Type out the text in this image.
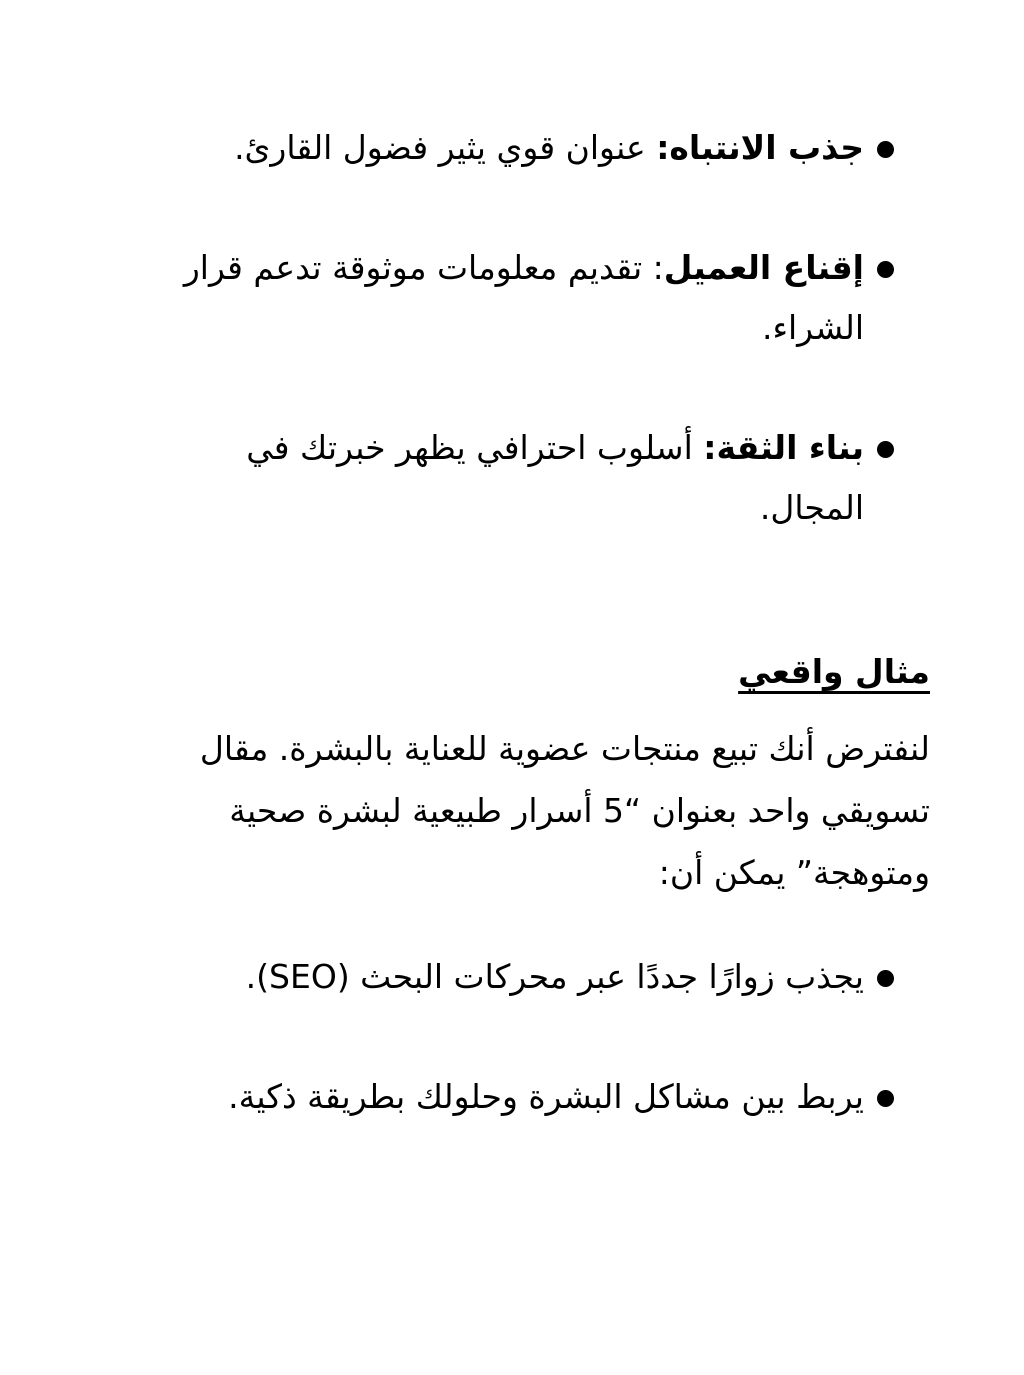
جذب الانتباه: عنوان قوي يثير فضول القارئ.
إقناع العميل: تقديم معلومات موثوقة تدعم قرار الشراء.
بناء الثقة: أسلوب احترافي يظهر خبرتك في المجال.
مثال واقعي

لنفترض أنك تبيع منتجات عضوية للعناية بالبشرة. مقال تسويقي واحد بعنوان “5 أسرار طبيعية لبشرة صحية ومتوهجة” يمكن أن:

يجذب زوارًا جددًا عبر محركات البحث (SEO).
يربط بين مشاكل البشرة وحلولك بطريقة ذكية.
